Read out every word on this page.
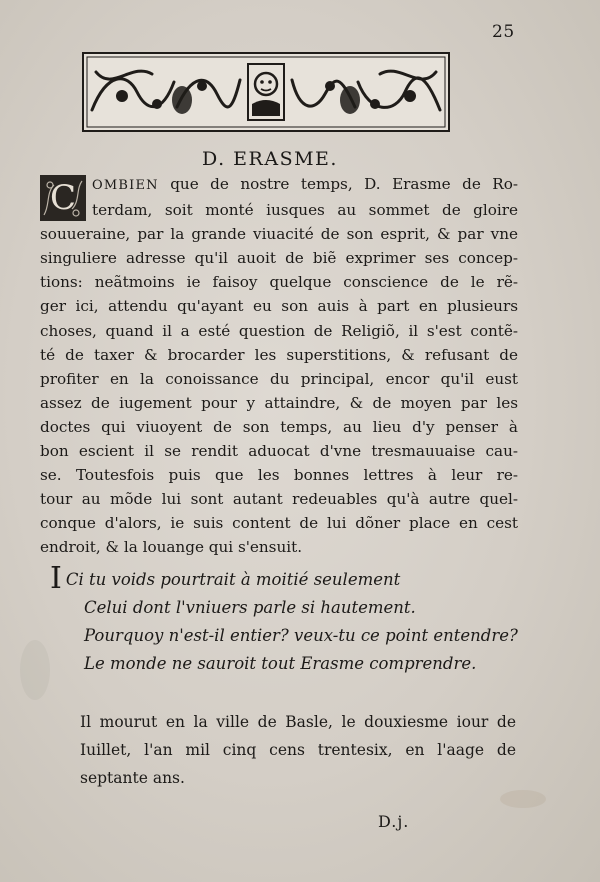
25
D. ERASME.
C	OMBIEN que de nostre temps, D. Erasme de Ro-
terdam, soit monté iusques au sommet de gloire
souueraine, par la grande viuacité de son esprit, & par vne
singuliere adresse qu'il auoit de biẽ exprimer ses concep-
tions: neãtmoins ie faisoy quelque conscience de le rẽ-
ger ici, attendu qu'ayant eu son auis à part en plusieurs
choses, quand il a esté question de Religiõ, il s'est contẽ-
té de taxer & brocarder les superstitions, & refusant de
profiter en la conoissance du principal, encor qu'il eust
assez de iugement pour y attaindre, & de moyen par les
doctes qui viuoyent de son temps, au lieu d'y penser à
bon escient il se rendit aduocat d'vne tresmauuaise cau-
se. Toutesfois puis que les bonnes lettres à leur re-
tour au mõde lui sont autant redeuables qu'à autre quel-
conque d'alors, ie suis content de lui dõner place en cest
endroit, & la louange qui s'ensuit.
I Ci tu voids pourtrait à moitié seulement
Celui dont l'vniuers parle si hautement.
Pourquoy n'est-il entier? veux-tu ce point entendre?
Le monde ne sauroit tout Erasme comprendre.
Il mourut en la ville de Basle, le douxiesme iour de
Iuillet, l'an mil cinq cens trentesix, en l'aage de
septante ans.
D.j.
